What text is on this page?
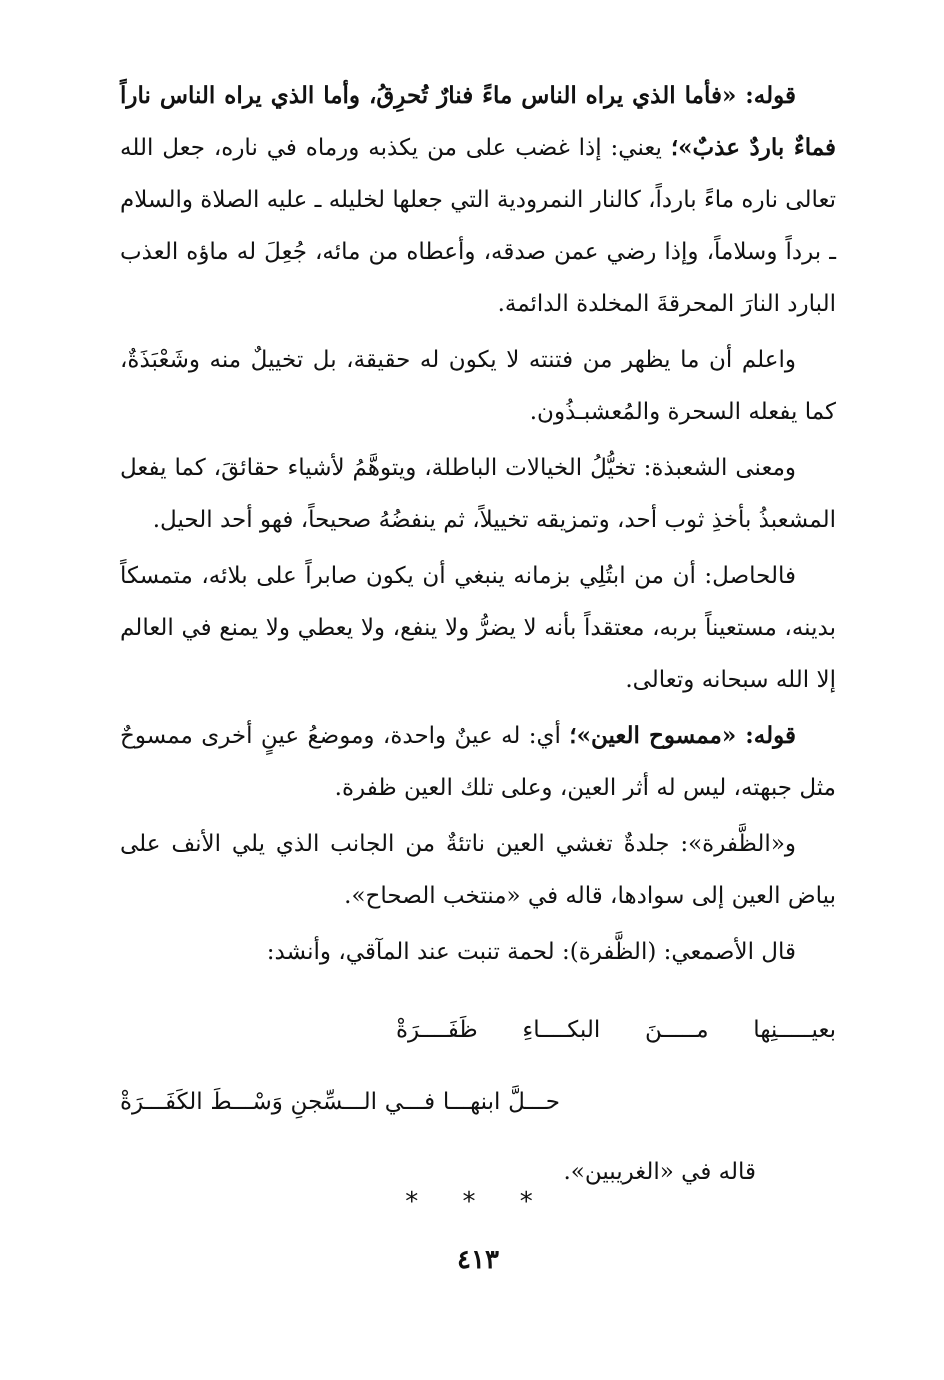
قوله: «فأما الذي يراه الناس ماءً فنارٌ تُحرِقُ، وأما الذي يراه الناس ناراً فماءٌ باردٌ عذبٌ»؛ يعني: إذا غضب على من يكذبه ورماه في ناره، جعل الله تعالى ناره ماءً بارداً، كالنار النمرودية التي جعلها لخليله ـ عليه الصلاة والسلام ـ برداً وسلاماً، وإذا رضي عمن صدقه، وأعطاه من مائه، جُعِلَ له ماؤه العذب البارد النارَ المحرقةَ المخلدة الدائمة.

واعلم أن ما يظهر من فتنته لا يكون له حقيقة، بل تخييلٌ منه وشَعْبَذَةٌ، كما يفعله السحرة والمُعشبـذُون.

ومعنى الشعبذة: تخيُّلُ الخيالات الباطلة، ويتوهَّمُ لأشياء حقائقَ، كما يفعل المشعبذُ بأخذِ ثوب أحد، وتمزيقه تخييلاً، ثم ينفضُهُ صحيحاً، فهو أحد الحيل.

فالحاصل: أن من ابتُلِي بزمانه ينبغي أن يكون صابراً على بلائه، متمسكاً بدينه، مستعيناً بربه، معتقداً بأنه لا يضرُّ ولا ينفع، ولا يعطي ولا يمنع في العالم إلا الله سبحانه وتعالى.

قوله: «ممسوح العين»؛ أي: له عينٌ واحدة، وموضعُ عينٍ أخرى ممسوحٌ مثل جبهته، ليس له أثر العين، وعلى تلك العين ظفرة.

و«الظَّفرة»: جلدةٌ تغشي العين ناتئةٌ من الجانب الذي يلي الأنف على بياض العين إلى سوادها، قاله في «منتخب الصحاح».

قال الأصمعي: (الظَّفرة): لحمة تنبت عند المآقي، وأنشد:

بعيـــــنِها مـــــنَ البكــــاءِ ظَفَــــرَةْ
حـــلَّ ابنهـــا فـــي الـــسِّجنِ وَسْـــطَ الكَفَـــرَةْ

قاله في «الغريبين».

* * *
٤١٣
